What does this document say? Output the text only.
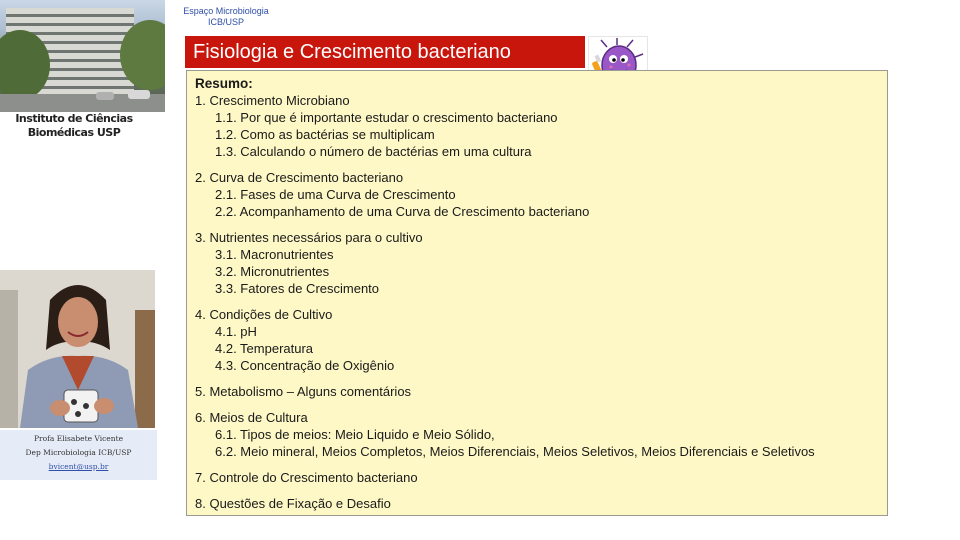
Instituto de Ciências
Biomédicas USP
Espaço Microbiologia
ICB/USP
Fisiologia e Crescimento bacteriano
Resumo:
1. Crescimento Microbiano
1.1. Por que é importante estudar o crescimento bacteriano
1.2. Como as bactérias se multiplicam
1.3. Calculando o número de bactérias em uma cultura
2. Curva de Crescimento bacteriano
2.1. Fases de uma Curva de Crescimento
2.2. Acompanhamento de uma Curva de Crescimento bacteriano
3. Nutrientes necessários para o cultivo
3.1. Macronutrientes
3.2. Micronutrientes
3.3. Fatores de Crescimento
4. Condições de Cultivo
4.1. pH
4.2. Temperatura
4.3. Concentração de Oxigênio
5. Metabolismo – Alguns comentários
6. Meios de Cultura
6.1. Tipos de meios: Meio Liquido e Meio Sólido,
6.2. Meio mineral, Meios Completos, Meios Diferenciais, Meios Seletivos, Meios Diferenciais e Seletivos
7. Controle do Crescimento bacteriano
8. Questões de Fixação e Desafio
Profa Elisabete Vicente
Dep Microbiologia ICB/USP
bvicent@usp.br
